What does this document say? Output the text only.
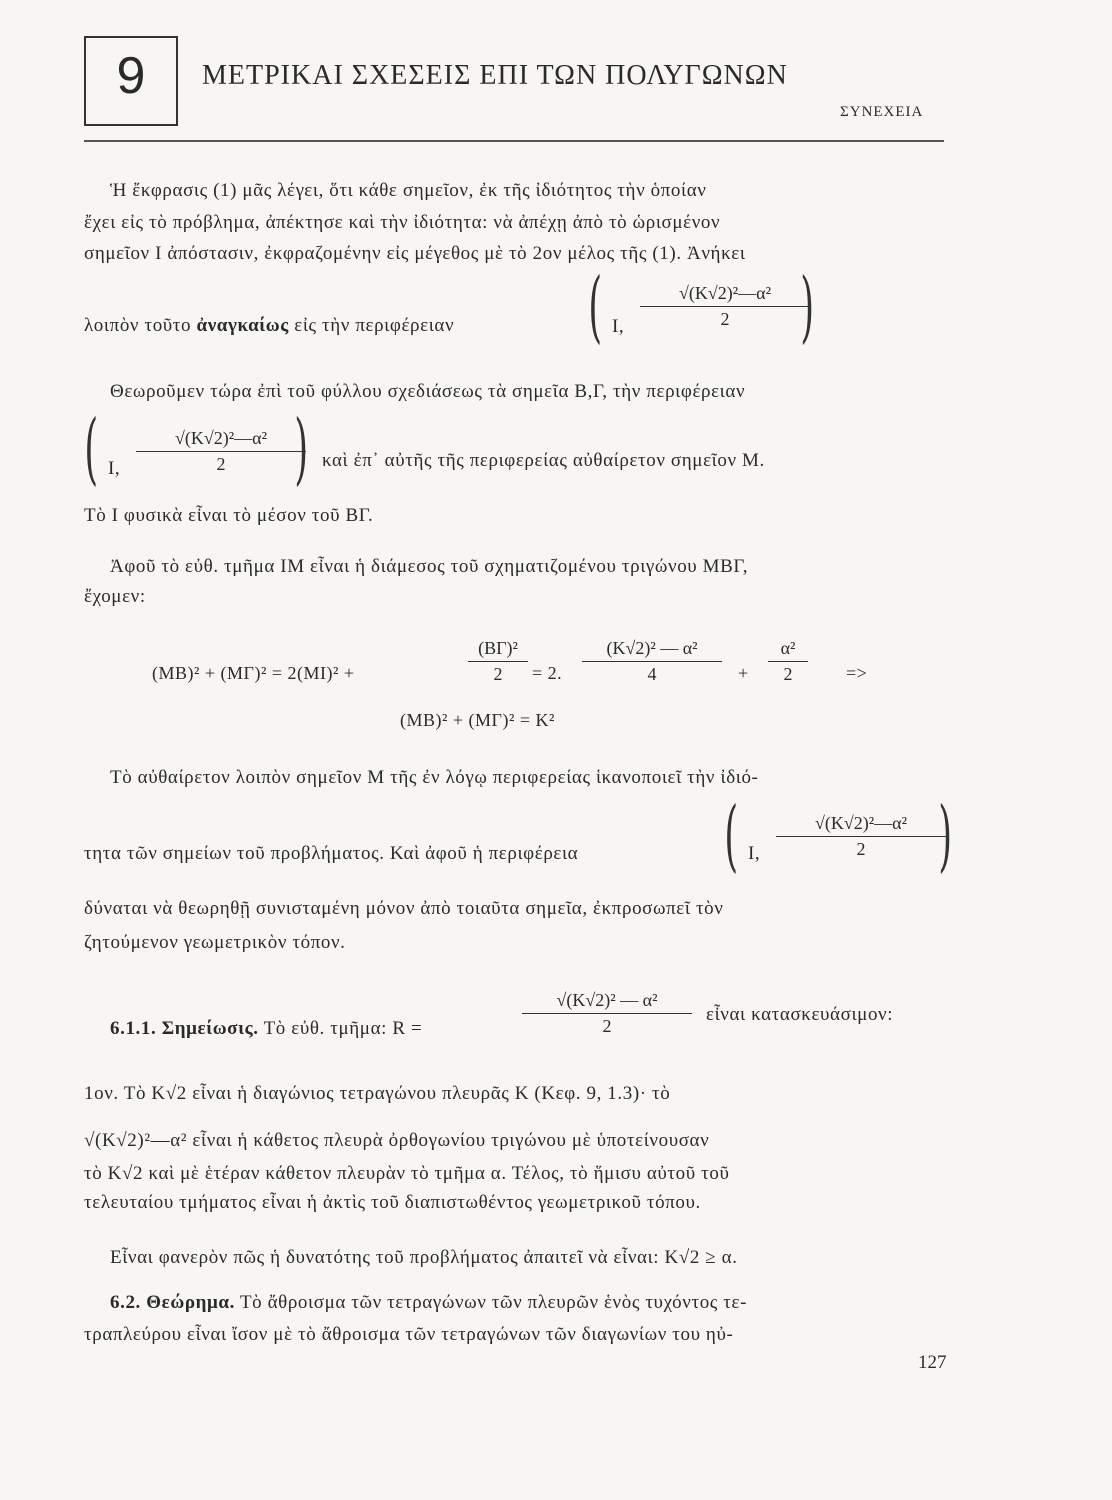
9	ΜΕΤΡΙΚΑΙ ΣΧΕΣΕΙΣ ΕΠΙ ΤΩΝ ΠΟΛΥΓΩΝΩΝ
ΣΥΝΕΧΕΙΑ
Ἡ ἔκφρασις (1) μᾶς λέγει, ὅτι κάθε σημεῖον, ἐκ τῆς ἰδιότητος τὴν ὁποίαν
ἔχει εἰς τὸ πρόβλημα, ἀπέκτησε καὶ τὴν ἰδιότητα: νὰ ἀπέχῃ ἀπὸ τὸ ὡρισμένον
σημεῖον Ι ἀπόστασιν, ἐκφραζομένην εἰς μέγεθος μὲ τὸ 2ον μέλος τῆς (1). Ἀνήκει
λοιπὸν τοῦτο ἀναγκαίως εἰς τὴν περιφέρειαν ( Ι,
√(Κ√2)²—α²
2 )
Θεωροῦμεν τώρα ἐπὶ τοῦ φύλλου σχεδιάσεως τὰ σημεῖα Β,Γ, τὴν περιφέρειαν
( Ι,
√(Κ√2)²—α²
2 ) καὶ ἐπ᾿ αὐτῆς τῆς περιφερείας αὐθαίρετον σημεῖον Μ.
Τὸ Ι φυσικὰ εἶναι τὸ μέσον τοῦ ΒΓ.
Ἀφοῦ τὸ εὐθ. τμῆμα ΙΜ εἶναι ἡ διάμεσος τοῦ σχηματιζομένου τριγώνου ΜΒΓ,
ἔχομεν:
(ΜΒ)² + (ΜΓ)² = 2(ΜΙ)² +
(ΒΓ)²
2 = 2.
(Κ√2)² — α²
4	+
α²
2	=>
(ΜΒ)² + (ΜΓ)² = Κ²
Τὸ αὐθαίρετον λοιπὸν σημεῖον Μ τῆς ἐν λόγῳ περιφερείας ἱκανοποιεῖ τὴν ἰδιό-
τητα τῶν σημείων τοῦ προβλήματος. Καὶ ἀφοῦ ἡ περιφέρεια ( Ι,
√(Κ√2)²—α²
2 )
δύναται νὰ θεωρηθῇ συνισταμένη μόνον ἀπὸ τοιαῦτα σημεῖα, ἐκπροσωπεῖ τὸν
ζητούμενον γεωμετρικὸν τόπον.
6.1.1. Σημείωσις. Τὸ εὐθ. τμῆμα: R =
√(Κ√2)² — α²
2
εἶναι κατασκευάσιμον:
1ον. Τὸ Κ√2 εἶναι ἡ διαγώνιος τετραγώνου πλευρᾶς Κ (Κεφ. 9, 1.3)· τὸ
√(Κ√2)²—α² εἶναι ἡ κάθετος πλευρὰ ὀρθογωνίου τριγώνου μὲ ὑποτείνουσαν
τὸ Κ√2 καὶ μὲ ἑτέραν κάθετον πλευρὰν τὸ τμῆμα α. Τέλος, τὸ ἥμισυ αὐτοῦ τοῦ
τελευταίου τμήματος εἶναι ἡ ἀκτὶς τοῦ διαπιστωθέντος γεωμετρικοῦ τόπου.
Εἶναι φανερὸν πῶς ἡ δυνατότης τοῦ προβλήματος ἀπαιτεῖ νὰ εἶναι: Κ√2 ≥ α.
6.2. Θεώρημα. Τὸ ἄθροισμα τῶν τετραγώνων τῶν πλευρῶν ἑνὸς τυχόντος τε-
τραπλεύρου εἶναι ἴσον μὲ τὸ ἄθροισμα τῶν τετραγώνων τῶν διαγωνίων του ηὐ-
127
